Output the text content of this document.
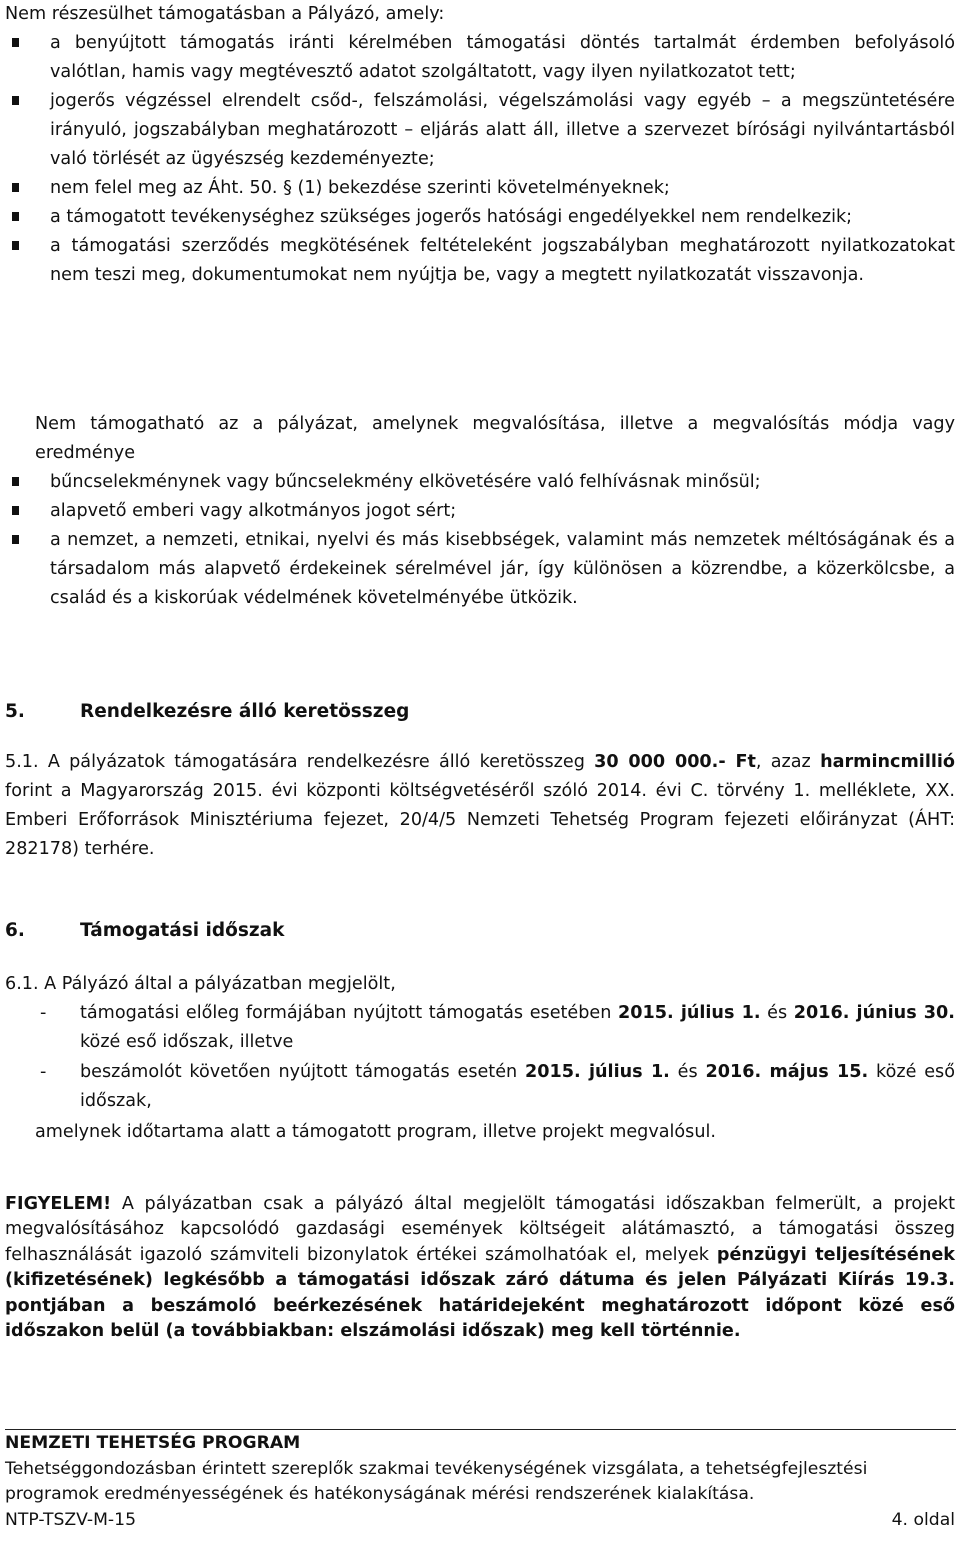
Nem részesülhet támogatásban a Pályázó, amely:

a benyújtott támogatás iránti kérelmében támogatási döntés tartalmát érdemben befolyásoló valótlan, hamis vagy megtévesztő adatot szolgáltatott, vagy ilyen nyilatkozatot tett;
jogerős végzéssel elrendelt csőd-, felszámolási, végelszámolási vagy egyéb – a megszüntetésére irányuló, jogszabályban meghatározott – eljárás alatt áll, illetve a szervezet bírósági nyilvántartásból való törlését az ügyészség kezdeményezte;
nem felel meg az Áht. 50. § (1) bekezdése szerinti követelményeknek;
a támogatott tevékenységhez szükséges jogerős hatósági engedélyekkel nem rendelkezik;
a támogatási szerződés megkötésének feltételeként jogszabályban meghatározott nyilatkozatokat nem teszi meg, dokumentumokat nem nyújtja be, vagy a megtett nyilatkozatát visszavonja.

Nem támogatható az a pályázat, amelynek megvalósítása, illetve a megvalósítás módja vagy eredménye

bűncselekménynek vagy bűncselekmény elkövetésére való felhívásnak minősül;
alapvető emberi vagy alkotmányos jogot sért;
a nemzet, a nemzeti, etnikai, nyelvi és más kisebbségek, valamint más nemzetek méltóságának és a társadalom más alapvető érdekeinek sérelmével jár, így különösen a közrendbe, a közerkölcsbe, a család és a kiskorúak védelmének követelményébe ütközik.
5.	Rendelkezésre álló keretösszeg

5.1. A pályázatok támogatására rendelkezésre álló keretösszeg 30 000 000.- Ft, azaz harmincmillió forint a Magyarország 2015. évi központi költségvetéséről szóló 2014. évi C. törvény 1. melléklete, XX. Emberi Erőforrások Minisztériuma fejezet, 20/4/5 Nemzeti Tehetség Program fejezeti előirányzat (ÁHT: 282178) terhére.

6.	Támogatási időszak

6.1. A Pályázó által a pályázatban megjelölt,

-	támogatási előleg formájában nyújtott támogatás esetében 2015. július 1. és 2016. június 30. közé eső időszak, illetve
-	beszámolót követően nyújtott támogatás esetén 2015. július 1. és 2016. május 15. közé eső időszak,

amelynek időtartama alatt a támogatott program, illetve projekt megvalósul.

FIGYELEM! A pályázatban csak a pályázó által megjelölt támogatási időszakban felmerült, a projekt megvalósításához kapcsolódó gazdasági események költségeit alátámasztó, a támogatási összeg felhasználását igazoló számviteli bizonylatok értékei számolhatóak el, melyek pénzügyi teljesítésének (kifizetésének) legkésőbb a támogatási időszak záró dátuma és jelen Pályázati Kiírás 19.3. pontjában a beszámoló beérkezésének határidejeként meghatározott időpont közé eső időszakon belül (a továbbiakban: elszámolási időszak) meg kell történnie.

NEMZETI TEHETSÉG PROGRAM
Tehetséggondozásban érintett szereplők szakmai tevékenységének vizsgálata, a tehetségfejlesztési programok eredményességének és hatékonyságának mérési rendszerének kialakítása.
NTP-TSZV-M-15	4. oldal
